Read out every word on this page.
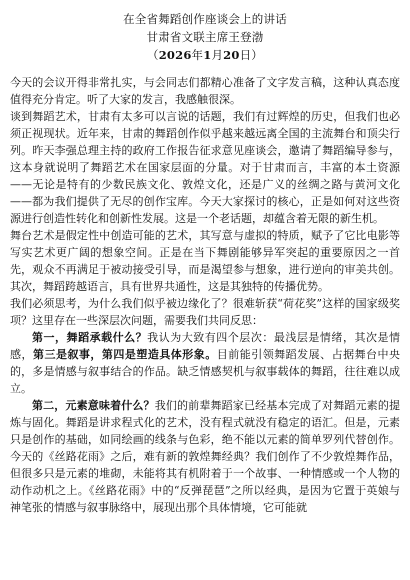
在全省舞蹈创作座谈会上的讲话
甘肃省文联主席王登渤
（2026年1月20日）

今天的会议开得非常扎实，与会同志们都精心准备了文字发言稿，这种认真态度值得充分肯定。听了大家的发言，我感触很深。

谈到舞蹈艺术，甘肃有太多可以言说的话题，我们有过辉煌的历史，但我们也必须正视现状。近年来，甘肃的舞蹈创作似乎越来越远离全国的主流舞台和顶尖行列。昨天李强总理主持的政府工作报告征求意见座谈会，邀请了舞蹈编导参与，这本身就说明了舞蹈艺术在国家层面的分量。对于甘肃而言，丰富的本土资源——无论是特有的少数民族文化、敦煌文化，还是广义的丝绸之路与黄河文化——都为我们提供了无尽的创作宝库。今天大家探讨的核心，正是如何对这些资源进行创造性转化和创新性发展。这是一个老话题，却蕴含着无限的新生机。

舞台艺术是假定性中创造可能的艺术，其写意与虚拟的特质，赋予了它比电影等写实艺术更广阔的想象空间。正是在当下舞剧能够异军突起的重要原因之一首先，观众不再满足于被动接受引导，而是渴望参与想象，进行逆向的审美共创。其次，舞蹈跨越语言，具有世界共通性，这是其独特的传播优势。

我们必须思考，为什么我们似乎被边缘化了？很难斩获“荷花奖”这样的国家级奖项？这里存在一些深层次问题，需要我们共同反思：

第一，舞蹈承载什么？我认为大致有四个层次：最浅层是情绪，其次是情感，第三是叙事，第四是塑造具体形象。目前能引领舞蹈发展、占据舞台中央的，多是情感与叙事结合的作品。缺乏情感契机与叙事载体的舞蹈，往往难以成立。

第二，元素意味着什么？我们的前辈舞蹈家已经基本完成了对舞蹈元素的提炼与固化。舞蹈是讲求程式化的艺术，没有程式就没有稳定的语汇。但是，元素只是创作的基础，如同绘画的线条与色彩，绝不能以元素的简单罗列代替创作。今天的《丝路花雨》之后，难有新的敦煌舞经典？我们创作了不少敦煌舞作品，但很多只是元素的堆砌，未能将其有机附着于一个故事、一种情感或一个人物的动作动机之上。《丝路花雨》中的“反弹琵琶”之所以经典，是因为它置于英娘与神笔张的情感与叙事脉络中，展现出那个具体情境，它可能就
